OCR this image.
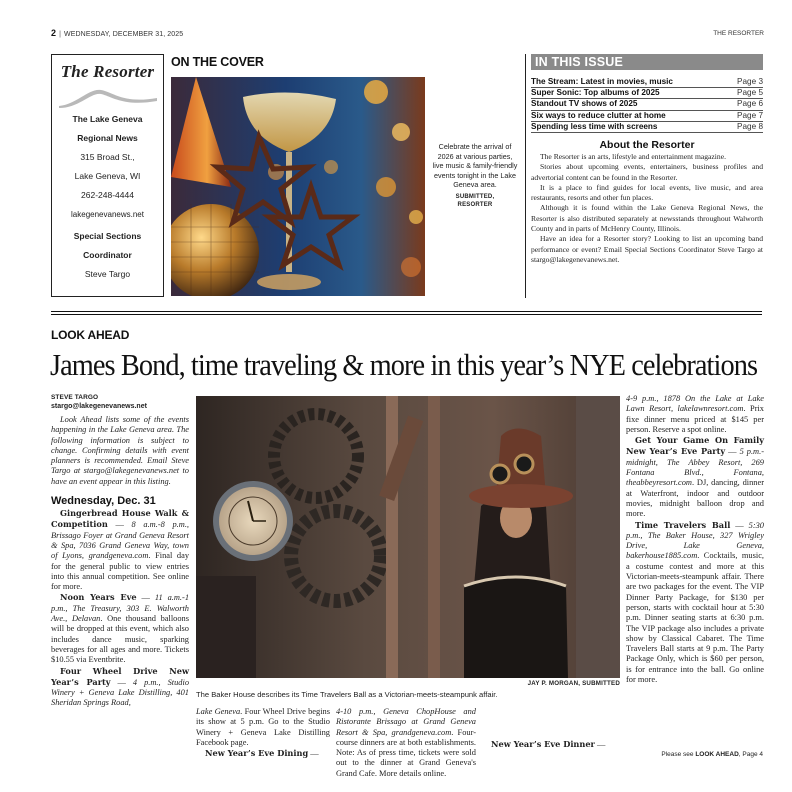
2 | WEDNESDAY, DECEMBER 31, 2025	THE RESORTER
The Resorter
The Lake Geneva
Regional News
315 Broad St.,
Lake Geneva, WI
262-248-4444
lakegenevanews.net
Special Sections
Coordinator
Steve Targo
ON THE COVER
Celebrate the arrival of 2026 at various parties, live music & family-friendly events tonight in the Lake Geneva area.
SUBMITTED,
RESORTER
IN THIS ISSUE
The Stream: Latest in movies, music	Page 3
Super Sonic: Top albums of 2025	Page 5
Standout TV shows of 2025	Page 6
Six ways to reduce clutter at home	Page 7
Spending less time with screens	Page 8
About the Resorter

The Resorter is an arts, lifestyle and entertainment magazine.

Stories about upcoming events, entertainers, business profiles and advertorial content can be found in the Resorter.

It is a place to find guides for local events, live music, and area restaurants, resorts and other fun places.

Although it is found within the Lake Geneva Regional News, the Resorter is also distributed separately at newsstands throughout Walworth County and in parts of McHenry County, Illinois.

Have an idea for a Resorter story? Looking to list an upcoming band performance or event? Email Special Sections Coordinator Steve Targo at stargo@lakegenevanews.net.

LOOK AHEAD
James Bond, time traveling & more in this year’s NYE celebrations
STEVE TARGO
stargo@lakegenevanews.net

Look Ahead lists some of the events happening in the Lake Geneva area. The following information is subject to change. Confirming details with event planners is recommended. Email Steve Targo at stargo@lakegenevanews.net to have an event appear in this listing.

Wednesday, Dec. 31

Gingerbread House Walk & Competition — 8 a.m.-8 p.m., Brissago Foyer at Grand Geneva Resort & Spa, 7036 Grand Geneva Way, town of Lyons, grandgeneva.com. Final day for the general public to view entries into this annual competition. See online for more.

Noon Years Eve — 11 a.m.-1 p.m., The Treasury, 303 E. Walworth Ave., Delavan. One thousand balloons will be dropped at this event, which also includes dance music, sparking beverages for all ages and more. Tickets $10.55 via Eventbrite.

Four Wheel Drive New Year’s Party — 4 p.m., Studio Winery + Geneva Lake Distilling, 401 Sheridan Springs Road,

JAY P. MORGAN, SUBMITTED
The Baker House describes its Time Travelers Ball as a Victorian-meets-steampunk affair.

Lake Geneva. Four Wheel Drive begins its show at 5 p.m. Go to the Studio Winery + Geneva Lake Distilling Facebook page.

New Year’s Eve Dining —

4-10 p.m., Geneva ChopHouse and Ristorante Brissago at Grand Geneva Resort & Spa, grandgeneva.com. Four-course dinners are at both establishments. Note: As of press time, tickets were sold out to the dinner at Grand Geneva's Grand Cafe. More details online.

New Year’s Eve Dinner —

4-9 p.m., 1878 On the Lake at Lake Lawn Resort, lakelawnresort.com. Prix fixe dinner menu priced at $145 per person. Reserve a spot online.

Get Your Game On Family New Year’s Eve Party — 5 p.m.-midnight, The Abbey Resort, 269 Fontana Blvd., Fontana, theabbeyresort.com. DJ, dancing, dinner at Waterfront, indoor and outdoor movies, midnight balloon drop and more.

Time Travelers Ball — 5:30 p.m., The Baker House, 327 Wrigley Drive, Lake Geneva, bakerhouse1885.com. Cocktails, music, a costume contest and more at this Victorian-meets-steampunk affair. There are two packages for the event. The VIP Dinner Party Package, for $130 per person, starts with cocktail hour at 5:30 p.m. Dinner seating starts at 6:30 p.m. The VIP package also includes a private show by Classical Cabaret. The Time Travelers Ball starts at 9 p.m. The Party Package Only, which is $60 per person, is for entrance into the ball. Go online for more.

Please see LOOK AHEAD, Page 4
